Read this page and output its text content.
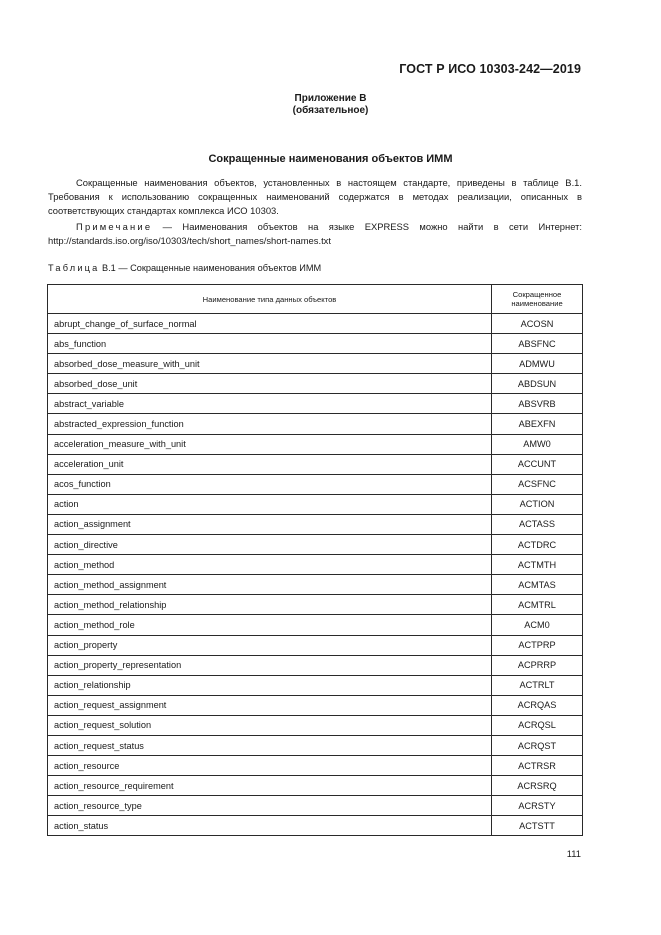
ГОСТ Р ИСО 10303-242—2019
Приложение В
(обязательное)
Сокращенные наименования объектов ИММ

Сокращенные наименования объектов, установленных в настоящем стандарте, приведены в таблице В.1. Требования к использованию сокращенных наименований содержатся в методах реализации, описанных в соответствующих стандартах комплекса ИСО 10303.

Примечание — Наименования объектов на языке EXPRESS можно найти в сети Интернет: http://standards.iso.org/iso/10303/tech/short_names/short-names.txt

Таблица В.1 — Сокращенные наименования объектов ИММ
Наименование типа данных объектов	Сокращенное
наименование
abrupt_change_of_surface_normal	ACOSN
abs_function	ABSFNC
absorbed_dose_measure_with_unit	ADMWU
absorbed_dose_unit	ABDSUN
abstract_variable	ABSVRB
abstracted_expression_function	ABEXFN
acceleration_measure_with_unit	AMW0
acceleration_unit	ACCUNT
acos_function	ACSFNC
action	ACTION
action_assignment	ACTASS
action_directive	ACTDRC
action_method	ACTMTH
action_method_assignment	ACMTAS
action_method_relationship	ACMTRL
action_method_role	ACM0
action_property	ACTPRP
action_property_representation	ACPRRP
action_relationship	ACTRLT
action_request_assignment	ACRQAS
action_request_solution	ACRQSL
action_request_status	ACRQST
action_resource	ACTRSR
action_resource_requirement	ACRSRQ
action_resource_type	ACRSTY
action_status	ACTSTT
111
